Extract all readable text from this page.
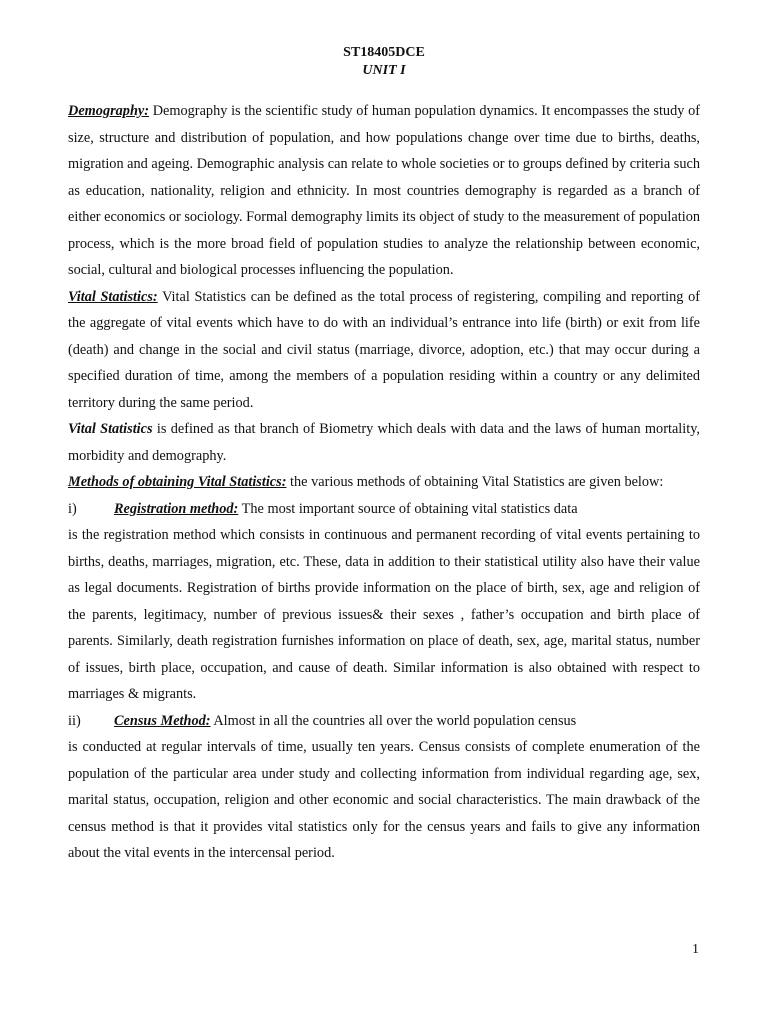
ST18405DCE
UNIT I

Demography: Demography is the scientific study of human population dynamics. It encompasses the study of size, structure and distribution of population, and how populations change over time due to births, deaths, migration and ageing. Demographic analysis can relate to whole societies or to groups defined by criteria such as education, nationality, religion and ethnicity. In most countries demography is regarded as a branch of either economics or sociology. Formal demography limits its object of study to the measurement of population process, which is the more broad field of population studies to analyze the relationship between economic, social, cultural and biological processes influencing the population.

Vital Statistics: Vital Statistics can be defined as the total process of registering, compiling and reporting of the aggregate of vital events which have to do with an individual’s entrance into life (birth) or exit from life (death) and change in the social and civil status (marriage, divorce, adoption, etc.) that may occur during a specified duration of time, among the members of a population residing within a country or any delimited territory during the same period.

Vital Statistics is defined as that branch of Biometry which deals with data and the laws of human mortality, morbidity and demography.

Methods of obtaining Vital Statistics: the various methods of obtaining Vital Statistics are given below:

i)	Registration method: The most important source of obtaining vital statistics data

is the registration method which consists in continuous and permanent recording of vital events pertaining to births, deaths, marriages, migration, etc. These, data in addition to their statistical utility also have their value as legal documents. Registration of births provide information on the place of birth, sex, age and religion of the parents, legitimacy, number of previous issues& their sexes , father’s occupation and birth place of parents. Similarly, death registration furnishes information on place of death, sex, age, marital status, number of issues, birth place, occupation, and cause of death. Similar information is also obtained with respect to marriages & migrants.

ii)	Census Method: Almost in all the countries all over the world population census

is conducted at regular intervals of time, usually ten years. Census consists of complete enumeration of the population of the particular area under study and collecting information from individual regarding age, sex, marital status, occupation, religion and other economic and social characteristics. The main drawback of the census method is that it provides vital statistics only for the census years and fails to give any information about the vital events in the intercensal period.

1
